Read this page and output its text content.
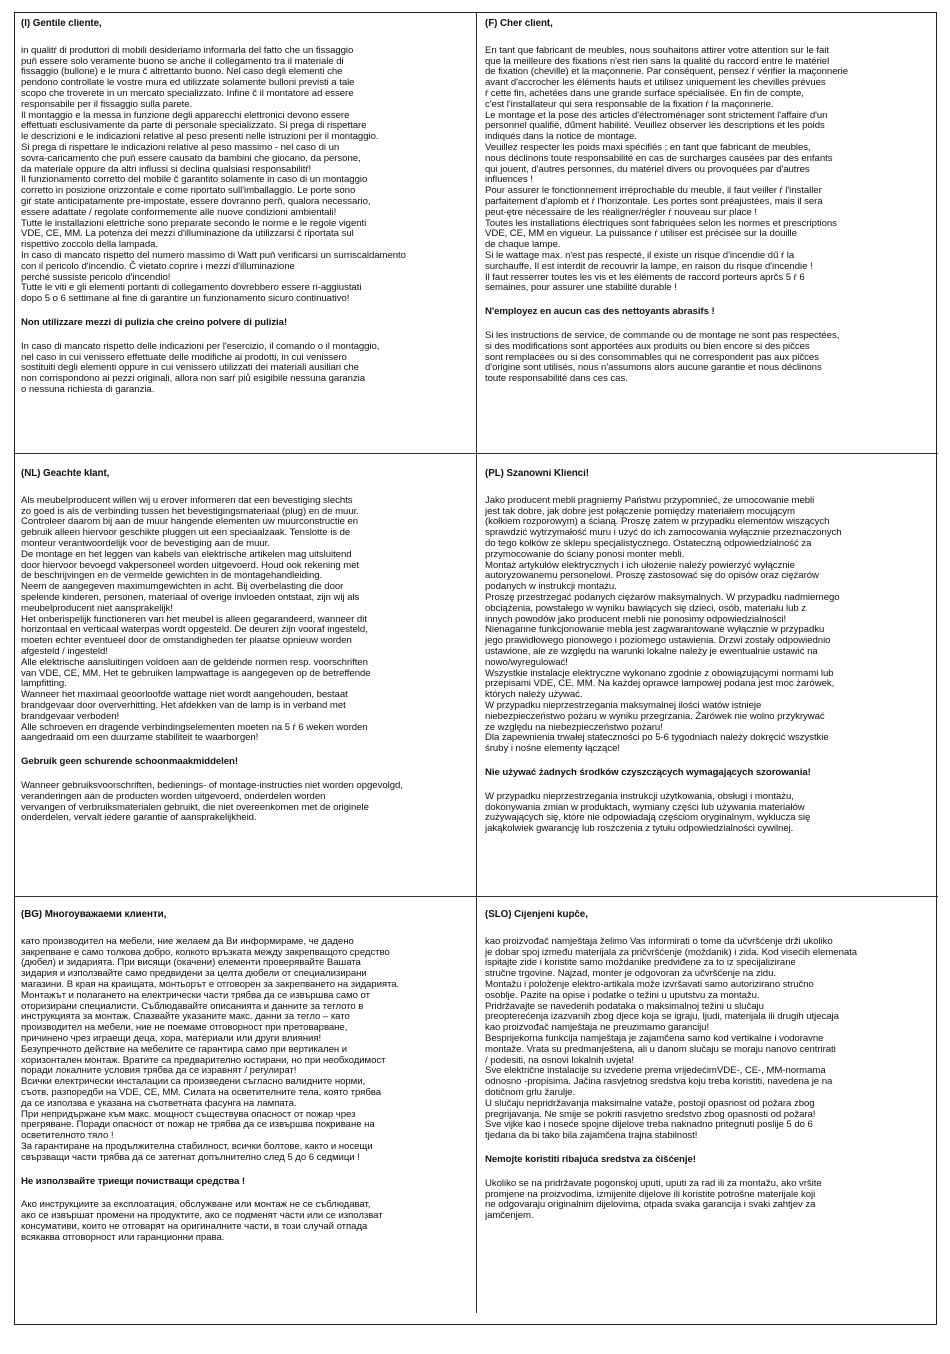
(I) Gentile cliente,
in qualitŕ di produttori di mobili desideriamo informarla del fatto che un fissaggio
puň essere solo veramente buono se anche il collegamento tra il materiale di
fissaggio (bullone) e le mura č altrettanto buono. Nel caso degli elementi che
pendono controllate le vostre mura ed utilizzate solamente bulloni previsti a tale
scopo che troverete in un mercato specializzato. Infine č il montatore ad essere
responsabile per il fissaggio sulla parete.
Il montaggio e la messa in funzione degli apparecchi elettronici devono essere
effettuati esclusivamente da parte di personale specializzato. Si prega di rispettare
le descrizioni e le indicazioni relative al peso presenti nelle istruzioni per il montaggio.
Si prega di rispettare le indicazioni relative al peso massimo - nel caso di un
sovra-caricamento che puň essere causato da bambini che giocano, da persone,
da materiale oppure da altri influssi si declina qualsiasi responsabilitŕ!
Il funzionamento corretto del mobile č garantito solamente in caso di un montaggio
corretto in posizione orizzontale e come riportato sull'imballaggio. Le porte sono
giŕ state anticipatamente pre-impostate, essere dovranno perň, qualora necessario,
essere adattate / regolate conformemente alle nuove condizioni ambientali!
Tutte le installazioni elettriche sono preparate secondo le norme e le regole vigenti
VDE, CE, MM. La potenza dei mezzi d'illuminazione da utilizzarsi č riportata sul
rispettivo zoccolo della lampada.
In caso di mancato rispetto del numero massimo di Watt puň verificarsi un surriscaldamento
con il pericolo d'incendio. Č vietato coprire i mezzi d'illuminazione
perché sussiste pericolo d'incendio!
Tutte le viti e gli elementi portanti di collegamento dovrebbero essere ri-aggiustati
dopo 5 o 6 settimane al fine di garantire un funzionamento sicuro continuativo!
Non utilizzare mezzi di pulizia che creino polvere di pulizia!
In caso di mancato rispetto delle indicazioni per l'esercizio, il comando o il montaggio,
nel caso in cui venissero effettuate delle modifiche ai prodotti, in cui venissero
sostituiti degli elementi oppure in cui venissero utilizzati dei materiali ausiliari che
non corrispondono ai pezzi originali, allora non sarŕ piů esigibile nessuna garanzia
o nessuna richiesta di garanzia.
(F) Cher client,
En tant que fabricant de meubles, nous souhaitons attirer votre attention sur le fait
que la meilleure des fixations n'est rien sans la qualité du raccord entre le matériel
de fixation (cheville) et la maçonnerie. Par conséquent, pensez ŕ vérifier la maçonnerie
avant d'accrocher les éléments hauts et utilisez uniquement les chevilles prévues
ŕ cette fin, achetées dans une grande surface spécialisée. En fin de compte,
c'est l'installateur qui sera responsable de la fixation ŕ la maçonnerie.
Le montage et la pose des articles d'électroménager sont strictement l'affaire d'un
personnel qualifié, dűment habilité. Veuillez observer les descriptions et les poids
indiqués dans la notice de montage.
Veuillez respecter les poids maxi spécifiés ; en tant que fabricant de meubles,
nous déclinons toute responsabilité en cas de surcharges causées par des enfants
qui jouent, d'autres personnes, du matériel divers ou provoquées par d'autres
influences !
Pour assurer le fonctionnement irréprochable du meuble, il faut veiller ŕ l'installer
parfaitement d'aplomb et ŕ l'horizontale. Les portes sont préajustées, mais il sera
peut-ętre nécessaire de les réaligner/régler ŕ nouveau sur place !
Toutes les installations électriques sont fabriquées selon les normes et prescriptions
VDE, CE, MM en vigueur. La puissance ŕ utiliser est précisée sur la douille
de chaque lampe.
Si le wattage max. n'est pas respecté, il existe un risque d'incendie dű ŕ la
surchauffe. Il est interdit de recouvrir la lampe, en raison du risque d'incendie !
Il faut resserrer toutes les vis et les éléments de raccord porteurs aprčs 5 ŕ 6
semaines, pour assurer une stabilité durable !
N'employez en aucun cas des nettoyants abrasifs !
Si les instructions de service, de commande ou de montage ne sont pas respectées,
si des modifications sont apportées aux produits ou bien encore si des pičces
sont remplacées ou si des consommables qui ne correspondent pas aux pičces
d'origine sont utilisés, nous n'assumons alors aucune garantie et nous déclinons
toute responsabilité dans ces cas.
(NL) Geachte klant,
Als meubelproducent willen wij u erover informeren dat een bevestiging slechts
zo goed is als de verbinding tussen het bevestigingsmateriaal (plug) en de muur.
Controleer daarom bij aan de muur hangende elementen uw muurconstructie en
gebruik alleen hiervoor geschikte pluggen uit een speciaalzaak. Tenslotte is de
monteur verantwoordelijk voor de bevestiging aan de muur.
De montage en het leggen van kabels van elektrische artikelen mag uitsluitend
door hiervoor bevoegd vakpersoneel worden uitgevoerd. Houd ook rekening met
de beschrijvingen en de vermelde gewichten in de montagehandleiding.
Neem de aangegeven maximumgewichten in acht. Bij overbelasting die door
spelende kinderen, personen, materiaal of overige invloeden ontstaat, zijn wij als
meubelproducent niet aansprakelijk!
Het onberispelijk functioneren van het meubel is alleen gegarandeerd, wanneer dit
horizontaal en verticaal waterpas wordt opgesteld. De deuren zijn vooraf ingesteld,
moeten echter eventueel door de omstandigheden ter plaatse opnieuw worden
afgesteld / ingesteld!
Alle elektrische aansluitingen voldoen aan de geldende normen resp. voorschriften
van VDE, CE, MM. Het te gebruiken lampwattage is aangegeven op de betreffende
lampfitting.
Wanneer het maximaal geoorloofde wattage niet wordt aangehouden, bestaat
brandgevaar door oververhitting. Het afdekken van de lamp is in verband met
brandgevaar verboden!
Alle schroeven en dragende verbindingselementen moeten na 5 ŕ 6 weken worden
aangedraaid om een duurzame stabiliteit te waarborgen!
Gebruik geen schurende schoonmaakmiddelen!
Wanneer gebruiksvoorschriften, bedienings- of montage-instructies niet worden opgevolgd,
veranderingen aan de producten worden uitgevoerd, onderdelen worden
vervangen of verbruiksmaterialen gebruikt, die niet overeenkomen met de originele
onderdelen, vervalt iedere garantie of aansprakelijkheid.
(PL) Szanowni Klienci!
Jako producent mebli pragniemy Państwu przypomnieć, że umocowanie mebli
jest tak dobre, jak dobre jest połączenie pomiędzy materiałem mocującym
(kołkiem rozporowym) a ścianą. Proszę zatem w przypadku elementów wiszących
sprawdzić wytrzymałość muru i użyć do ich zamocowania wyłącznie przeznaczonych
do tego kołków ze sklepu specjalistycznego. Ostateczną odpowiedzialność za
przymocowanie do ściany ponosi monter mebli.
Montaż artykułów elektrycznych i ich ułożenie należy powierzyć wyłącznie
autoryzowanemu personelowi. Proszę zastosować się do opisów oraz ciężarów
podanych w instrukcji montażu.
Proszę przestrzegać podanych ciężarów maksymalnych. W przypadku nadmiernego
obciążenia, powstałego w wyniku bawiących się dzieci, osób, materiału lub z
innych powodów jako producent mebli nie ponosimy odpowiedzialności!
Nienaganne funkcjonowanie mebla jest zagwarantowane wyłącznie w przypadku
jego prawidłowego pionowego i poziomego ustawienia. Drzwi zostały odpowiednio
ustawione, ale ze względu na warunki lokalne należy je ewentualnie ustawić na
nowo/wyregulować!
Wszystkie instalacje elektryczne wykonano zgodnie z obowiązującymi normami lub
przepisami VDE, CE, MM. Na każdej oprawce lampowej podana jest moc żarówek,
których należy używać.
W przypadku nieprzestrzegania maksymalnej ilości watów istnieje
niebezpieczeństwo pożaru w wyniku przegrzania. Żarówek nie wolno przykrywać
ze względu na niebezpieczeństwo pożaru!
Dla zapewnienia trwałej stateczności po 5-6 tygodniach należy dokręcić wszystkie
śruby i nośne elementy łączące!
Nie używać żadnych środków czyszczących wymagających szorowania!
W przypadku nieprzestrzegania instrukcji użytkowania, obsługi i montażu,
dokonywania zmian w produktach, wymiany części lub używania materiałów
zużywających się, które nie odpowiadają częściom oryginalnym, wyklucza się
jakąkolwiek gwarancję lub roszczenia z tytułu odpowiedzialności cywilnej.
(BG) Многоуважаеми клиенти,
като производител на мебели, ние желаем да Ви информираме, че дадено
закрепване е само толкова добро, колкото връзката между закрепващото средство
(дюбел) и зидарията. При висящи (окачени) елементи проверявайте Вашата
зидария и използвайте само предвидени за целта дюбели от специализирани
магазини. В края на краищата, монтьорът е отговорен за закрепването на зидарията.
Монтажът и полагането на електрически части трябва да се извършва само от
оторизирани специалисти. Съблюдавайте описанията и данните за теглото в
инструкцията за монтаж. Спазвайте указаните макс. данни за тегло – като
производител на мебели, ние не поемаме отговорност при претоварване,
причинено чрез играещи деца, хора, материали или други влияния!
Безупречното действие на мебелите се гарантира само при вертикален и
хоризонтален монтаж. Вратите са предварително юстирани, но при необходимост
поради локалните условия трябва да се изравнят / регулират!
Всички електрически инсталации са произведени съгласно валидните норми,
съотв. разпоредби на VDE, CE, MM. Силата на осветителните тела, която трябва
да се използва е указана на съответната фасунга на лампата.
При непридържане към макс. мощност съществува опасност от пожар чрез
прегряване. Поради опасност от пожар не трябва да се извършва покриване на
осветителното тяло !
За гарантиране на продължителна стабилност, всички болтове, както и носещи
свързващи части трябва да се затегнат допълнително след 5 до 6 седмици !
Не използвайте триещи почистващи средства !
Ако инструкциите за експлоатация, обслужване или монтаж не се съблюдават,
ако се извършат промени на продуктите, ако се подменят части или се използват
консумативи, които не отговарят на оригиналните части, в този случай отпада
всякаква отговорност или гаранционни права.
(SLO) Cijenjeni kupče,
kao proizvođač namještaja želimo Vas informirati o tome da učvršćenje drži ukoliko
je dobar spoj između materijala za pričvršćenje (moždanik) i zida. Kod visećih elemenata
ispitajte zide i koristite samo moždanike predviđene za to iz specijalizirane
stručne trgovine. Najzad, monter je odgovoran za učvršćenje na zidu.
Montažu i položenje elektro-artikala može izvršavati samo autorizirano stručno
osoblje. Pazite na opise i podatke o težini u uputstvu za montažu.
Pridržavajte se navedenih podataka o maksimalnoj težini u slučaju
preopterećenja izazvanih zbog djece koja se igraju, ljudi, materijala ili drugih utjecaja
kao proizvođač namještaja ne preuzimamo garanciju!
Besprijekorna funkcija namještaja je zajamčena samo kod vertikalne i vodoravne
montaže. Vrata su predmanještena, ali u danom slučaju se moraju nanovo centrirati
/ podesiti, na osnovi lokalnih uvjeta!
Sve električne instalacije su izvedene prema vrijedećimVDE-, CE-, MM-normama
odnosno -propisima. Jačina rasvjetnog sredstva koju treba koristiti, navedena je na
dotičnom grlu žarulje.
U slučaju nepridržavanja maksimalne vataže, postoji opasnost od požara zbog
pregrijavanja. Ne smije se pokriti rasvjetno sredstvo zbog opasnosti od požara!
Sve vijke kao i noseće spojne dijelove treba naknadno pritegnuti poslije 5 do 6
tjedana da bi tako bila zajamčena trajna stabilnost!
Nemojte koristiti ribajuća sredstva za čišćenje!
Ukoliko se na pridržavate pogonskoj uputi, uputi za rad ili za montažu, ako vršite
promjene na proizvodima, izmijenite dijelove ili koristite potrošne materijale koji
ne odgovaraju originalnim dijelovima, otpada svaka garancija i svaki zahtjev za
jamčenjem.
